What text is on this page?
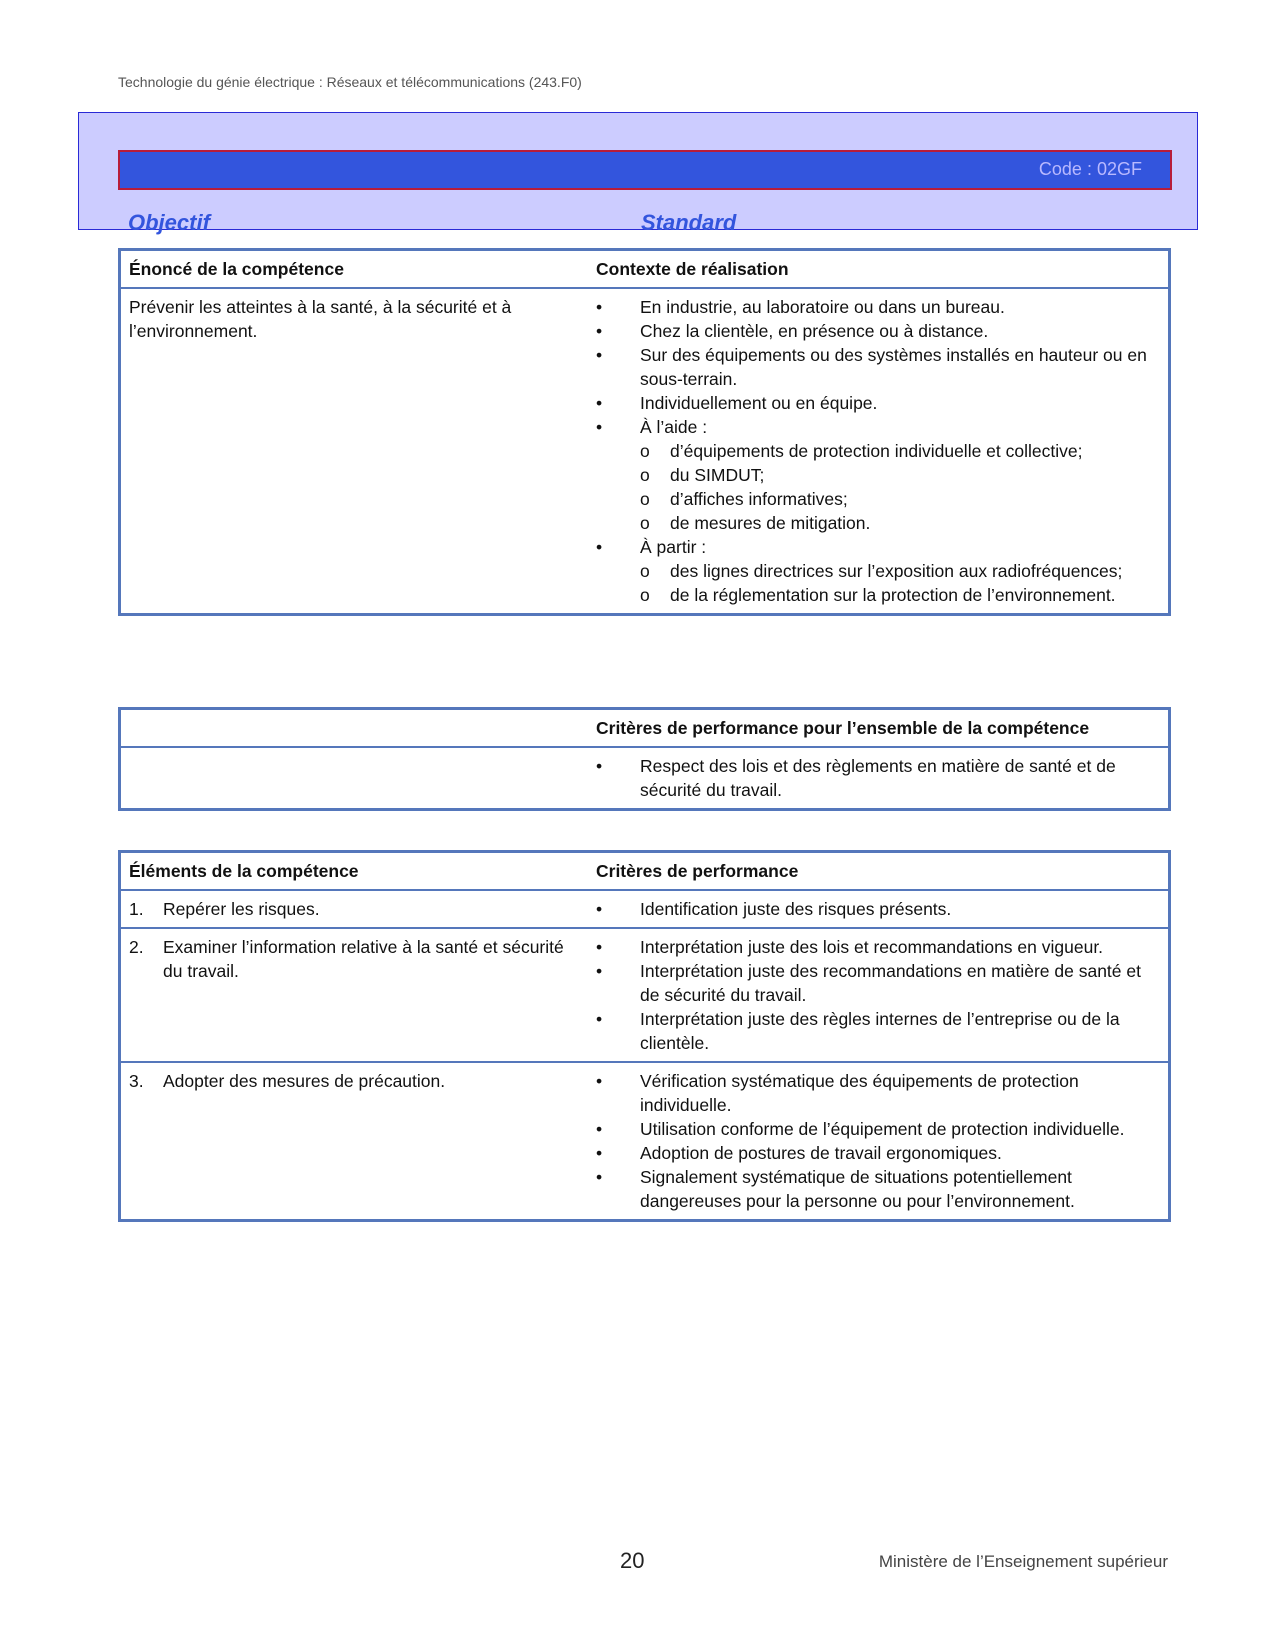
Technologie du génie électrique : Réseaux et télécommunications (243.F0)
Code : 02GF
Objectif	Standard
Énoncé de la compétence	Contexte de réalisation
Prévenir les atteintes à la santé, à la sécurité et à l’environnement.
•	En industrie, au laboratoire ou dans un bureau.
•	Chez la clientèle, en présence ou à distance.
•	Sur des équipements ou des systèmes installés en hauteur ou en sous-terrain.
•	Individuellement ou en équipe.
•	À l’aide :
o d’équipements de protection individuelle et collective;
o du SIMDUT;
o d’affiches informatives;
o de mesures de mitigation.
•	À partir :
o des lignes directrices sur l’exposition aux radiofréquences;
o de la réglementation sur la protection de l’environnement.
Critères de performance pour l’ensemble de la compétence
•	Respect des lois et des règlements en matière de santé et de sécurité du travail.
Éléments de la compétence	Critères de performance
1.	Repérer les risques.	•	Identification juste des risques présents.
2.	Examiner l’information relative à la santé et sécurité du travail.
•	Interprétation juste des lois et recommandations en vigueur.
•	Interprétation juste des recommandations en matière de santé et de sécurité du travail.
•	Interprétation juste des règles internes de l’entreprise ou de la clientèle.
3.	Adopter des mesures de précaution.	•	Vérification systématique des équipements de protection individuelle.
•	Utilisation conforme de l’équipement de protection individuelle.
•	Adoption de postures de travail ergonomiques.
•	Signalement systématique de situations potentiellement dangereuses pour la personne ou pour l’environnement.
20	Ministère de l’Enseignement supérieur
